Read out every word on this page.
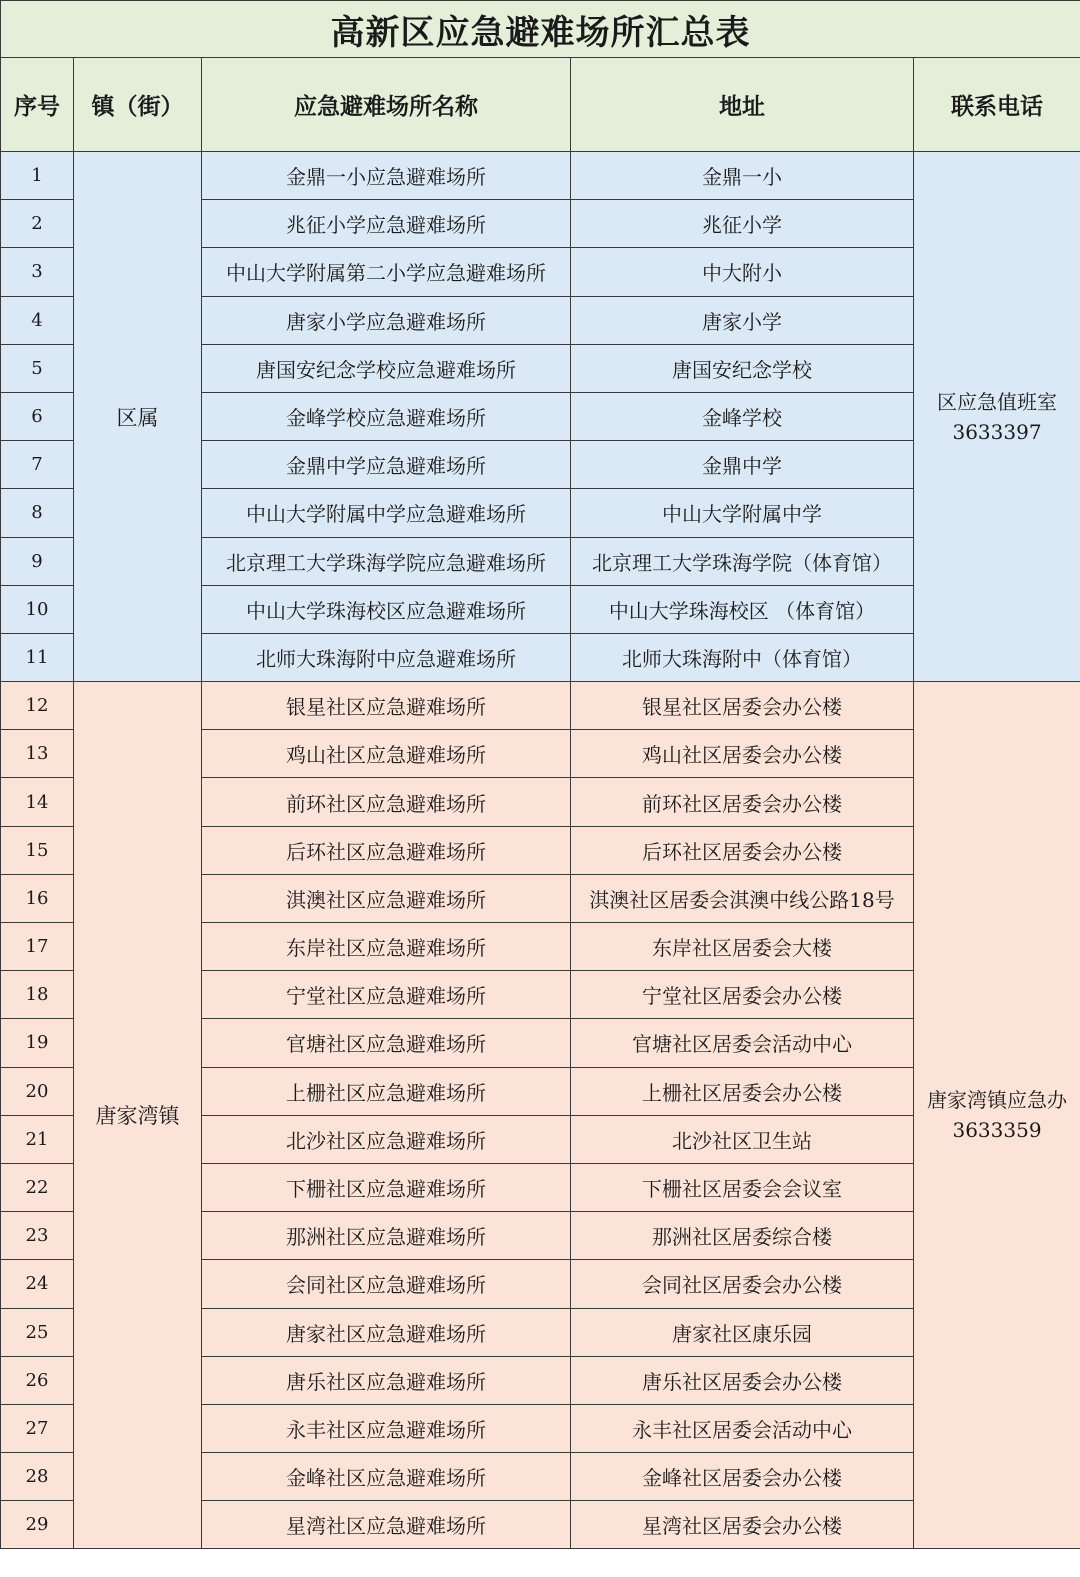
高新区应急避难场所汇总表				
序号	镇（街）	应急避难场所名称	地址	联系电话
1	区属	金鼎一小应急避难场所	金鼎一小	区应急值班室
3633397

2		兆征小学应急避难场所	兆征小学	
3		中山大学附属第二小学应急避难场所	中大附小	
4		唐家小学应急避难场所	唐家小学	
5		唐国安纪念学校应急避难场所	唐国安纪念学校	
6		金峰学校应急避难场所	金峰学校	
7		金鼎中学应急避难场所	金鼎中学	
8		中山大学附属中学应急避难场所	中山大学附属中学	
9		北京理工大学珠海学院应急避难场所	北京理工大学珠海学院（体育馆）	
10		中山大学珠海校区应急避难场所	中山大学珠海校区 （体育馆）	
11		北师大珠海附中应急避难场所	北师大珠海附中（体育馆）	
12	唐家湾镇	银星社区应急避难场所	银星社区居委会办公楼	唐家湾镇应急办
3633359

13		鸡山社区应急避难场所	鸡山社区居委会办公楼	
14		前环社区应急避难场所	前环社区居委会办公楼	
15		后环社区应急避难场所	后环社区居委会办公楼	
16		淇澳社区应急避难场所	淇澳社区居委会淇澳中线公路18号	
17		东岸社区应急避难场所	东岸社区居委会大楼	
18		宁堂社区应急避难场所	宁堂社区居委会办公楼	
19		官塘社区应急避难场所	官塘社区居委会活动中心	
20		上栅社区应急避难场所	上栅社区居委会办公楼	
21		北沙社区应急避难场所	北沙社区卫生站	
22		下栅社区应急避难场所	下栅社区居委会会议室	
23		那洲社区应急避难场所	那洲社区居委综合楼	
24		会同社区应急避难场所	会同社区居委会办公楼	
25		唐家社区应急避难场所	唐家社区康乐园	
26		唐乐社区应急避难场所	唐乐社区居委会办公楼	
27		永丰社区应急避难场所	永丰社区居委会活动中心	
28		金峰社区应急避难场所	金峰社区居委会办公楼	
29		星湾社区应急避难场所	星湾社区居委会办公楼	
